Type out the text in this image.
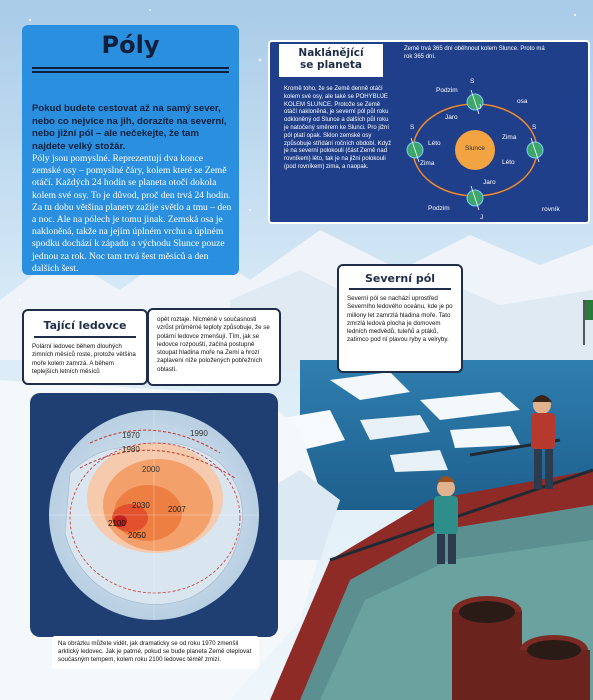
Póly
Pokud budete cestovat až na samý sever, nebo co nejvíce na jih, dorazíte na severní, nebo jižní pól – ale nečekejte, že tam najdete velký stožár.
Póly jsou pomyslné. Reprezentují dva konce zemské osy – pomyslné čáry, kolem které se Země otáčí. Každých 24 hodin se planeta otočí dokola kolem své osy. To je důvod, proč den trvá 24 hodin. Za tu dobu většina planety zažije světlo a tmu – den a noc. Ale na pólech je tomu jinak. Zemská osa je nakloněná, takže na jejím úplném vrchu a úplném spodku dochází k západu a východu Slunce pouze jednou za rok. Noc tam trvá šest měsíců a den dalších šest.
Naklánějící
se planeta
Kromě toho, že se Země denně otáčí kolem své osy, ale také se POHYBUJE KOLEM SLUNCE. Protože se Země otáčí nakloněná, je severní pól půl roku odkloněný od Slunce a dalších půl roku je natočený směrem ke Slunci. Pro jižní pól platí opak. Sklon zemské osy způsobuje střídání ročních období. Když je na severní polokouli (část Země nad rovníkem) léto, tak je na jižní polokouli (pod rovníkem) zima, a naopak.
Země trvá 365 dní oběhnout kolem Slunce. Proto má rok 365 dní.
Slunce
Podzim
Jaro
osa
Léto
Zima
Zima
Léto
Jaro
Podzim	rovník
S
J
S	S
J
Severní pól
Severní pól se nachází uprostřed Severního ledového oceánu, kde je po miliony let zamrzlá hladina moře. Tato zmrzlá ledová plocha je domovem ledních medvědů, tuleňů a ptáků, zatímco pod ní plavou ryby a velryby.
Tající ledovce
Polární ledovec během dlouhých zimních měsíců roste, protože většina moře kolem zamrzá. A během teplejších letních měsíců
opět roztaje. Nicméně v současnosti vzrůst průměrné teploty způsobuje, že se polární ledovce zmenšují. Tím, jak se ledovce rozpouští, začíná postupně stoupat hladina moře na Zemi a hrozí zaplavení níže položených pobřežních oblastí.
1970
1980
1990
2000
2030 2007
2100
2050
Na obrázku můžete vidět, jak dramaticky se od roku 1970 zmenšil arktický ledovec. Jak je patrné, pokud se bude planeta Země oteplovat současným tempem, kolem roku 2100 ledovec téměř zmizí.
